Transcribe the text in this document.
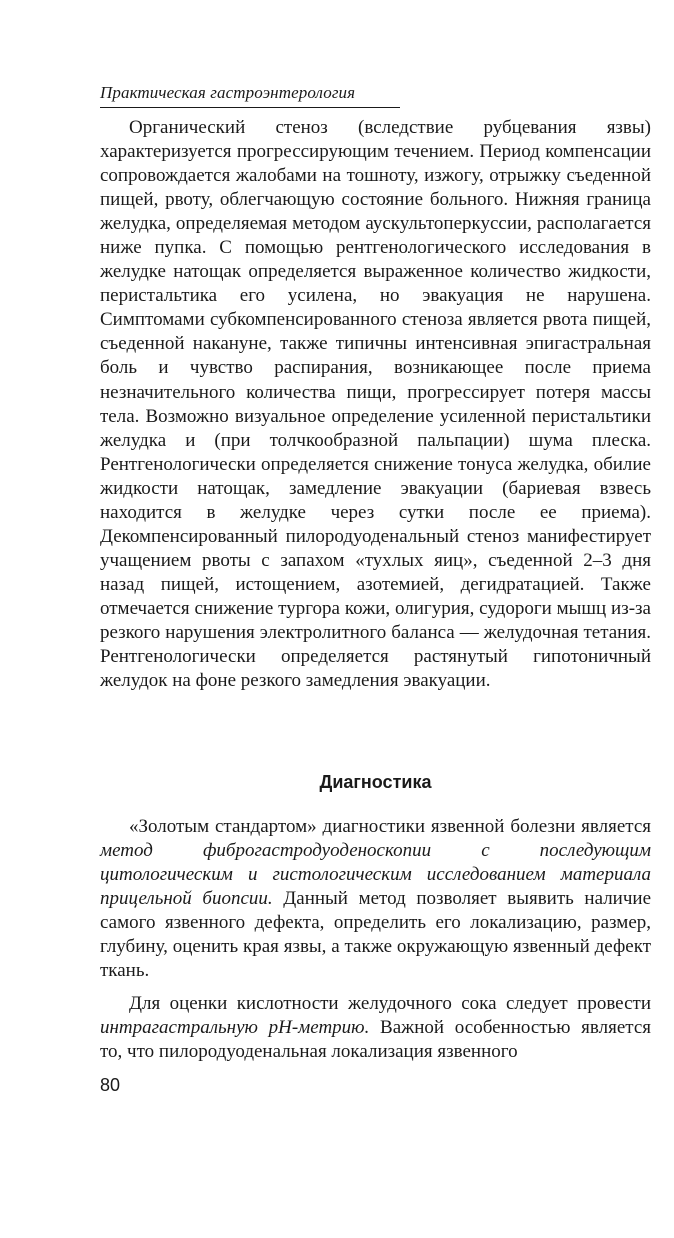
Практическая гастроэнтерология

Органический стеноз (вследствие рубцевания язвы) характеризуется прогрессирующим течением. Период компенсации сопровождается жалобами на тошноту, изжогу, отрыжку съеденной пищей, рвоту, облегчающую состояние больного. Нижняя граница желудка, определяемая методом аускультоперкуссии, располагается ниже пупка. С помощью рентгенологического исследования в желудке натощак определяется выраженное количество жидкости, перистальтика его усилена, но эвакуация не нарушена. Симптомами субкомпенсированного стеноза является рвота пищей, съеденной накануне, также типичны интенсивная эпигастральная боль и чувство распирания, возникающее после приема незначительного количества пищи, прогрессирует потеря массы тела. Возможно визуальное определение усиленной перистальтики желудка и (при толчкообразной пальпации) шума плеска. Рентгенологически определяется снижение тонуса желудка, обилие жидкости натощак, замедление эвакуации (бариевая взвесь находится в желудке через сутки после ее приема). Декомпенсированный пилородуоденальный стеноз манифестирует учащением рвоты с запахом «тухлых яиц», съеденной 2–3 дня назад пищей, истощением, азотемией, дегидратацией. Также отмечается снижение тургора кожи, олигурия, судороги мышц из-за резкого нарушения электролитного баланса — желудочная тетания. Рентгенологически определяется растянутый гипотоничный желудок на фоне резкого замедления эвакуации.

Диагностика

«Золотым стандартом» диагностики язвенной болезни является метод фиброгастродуоденоскопии с последующим цитологическим и гистологическим исследованием материала прицельной биопсии. Данный метод позволяет выявить наличие самого язвенного дефекта, определить его локализацию, размер, глубину, оценить края язвы, а также окружающую язвенный дефект ткань.

Для оценки кислотности желудочного сока следует провести интрагастральную рН-метрию. Важной особенностью является то, что пилородуоденальная локализация язвенного

80
